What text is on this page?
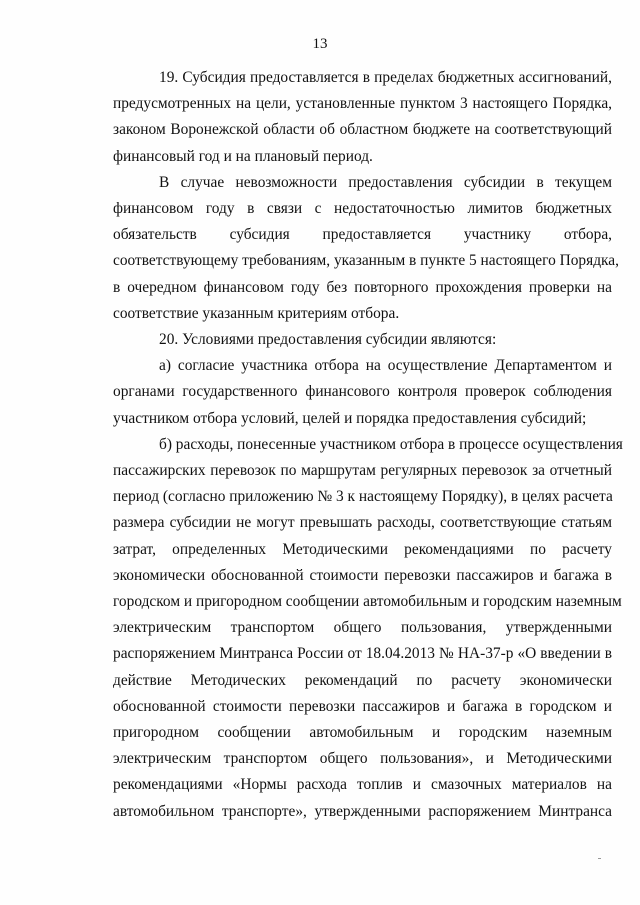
13
19. Субсидия предоставляется в пределах бюджетных ассигнований,
предусмотренных на цели, установленные пунктом 3 настоящего Порядка,
законом Воронежской области об областном бюджете на соответствующий
финансовый год и на плановый период.
В случае невозможности предоставления субсидии в текущем
финансовом году в связи с недостаточностью лимитов бюджетных
обязательств субсидия предоставляется участнику отбора,
соответствующему требованиям, указанным в пункте 5 настоящего Порядка,
в очередном финансовом году без повторного прохождения проверки на
соответствие указанным критериям отбора.
20. Условиями предоставления субсидии являются:
а) согласие участника отбора на осуществление Департаментом и
органами государственного финансового контроля проверок соблюдения
участником отбора условий, целей и порядка предоставления субсидий;
б) расходы, понесенные участником отбора в процессе осуществления
пассажирских перевозок по маршрутам регулярных перевозок за отчетный
период (согласно приложению № 3 к настоящему Порядку), в целях расчета
размера субсидии не могут превышать расходы, соответствующие статьям
затрат, определенных Методическими рекомендациями по расчету
экономически обоснованной стоимости перевозки пассажиров и багажа в
городском и пригородном сообщении автомобильным и городским наземным
электрическим транспортом общего пользования, утвержденными
распоряжением Минтранса России от 18.04.2013 № НА-37-р «О введении в
действие Методических рекомендаций по расчету экономически
обоснованной стоимости перевозки пассажиров и багажа в городском и
пригородном сообщении автомобильным и городским наземным
электрическим транспортом общего пользования», и Методическими
рекомендациями «Нормы расхода топлив и смазочных материалов на
автомобильном транспорте», утвержденными распоряжением Минтранса
